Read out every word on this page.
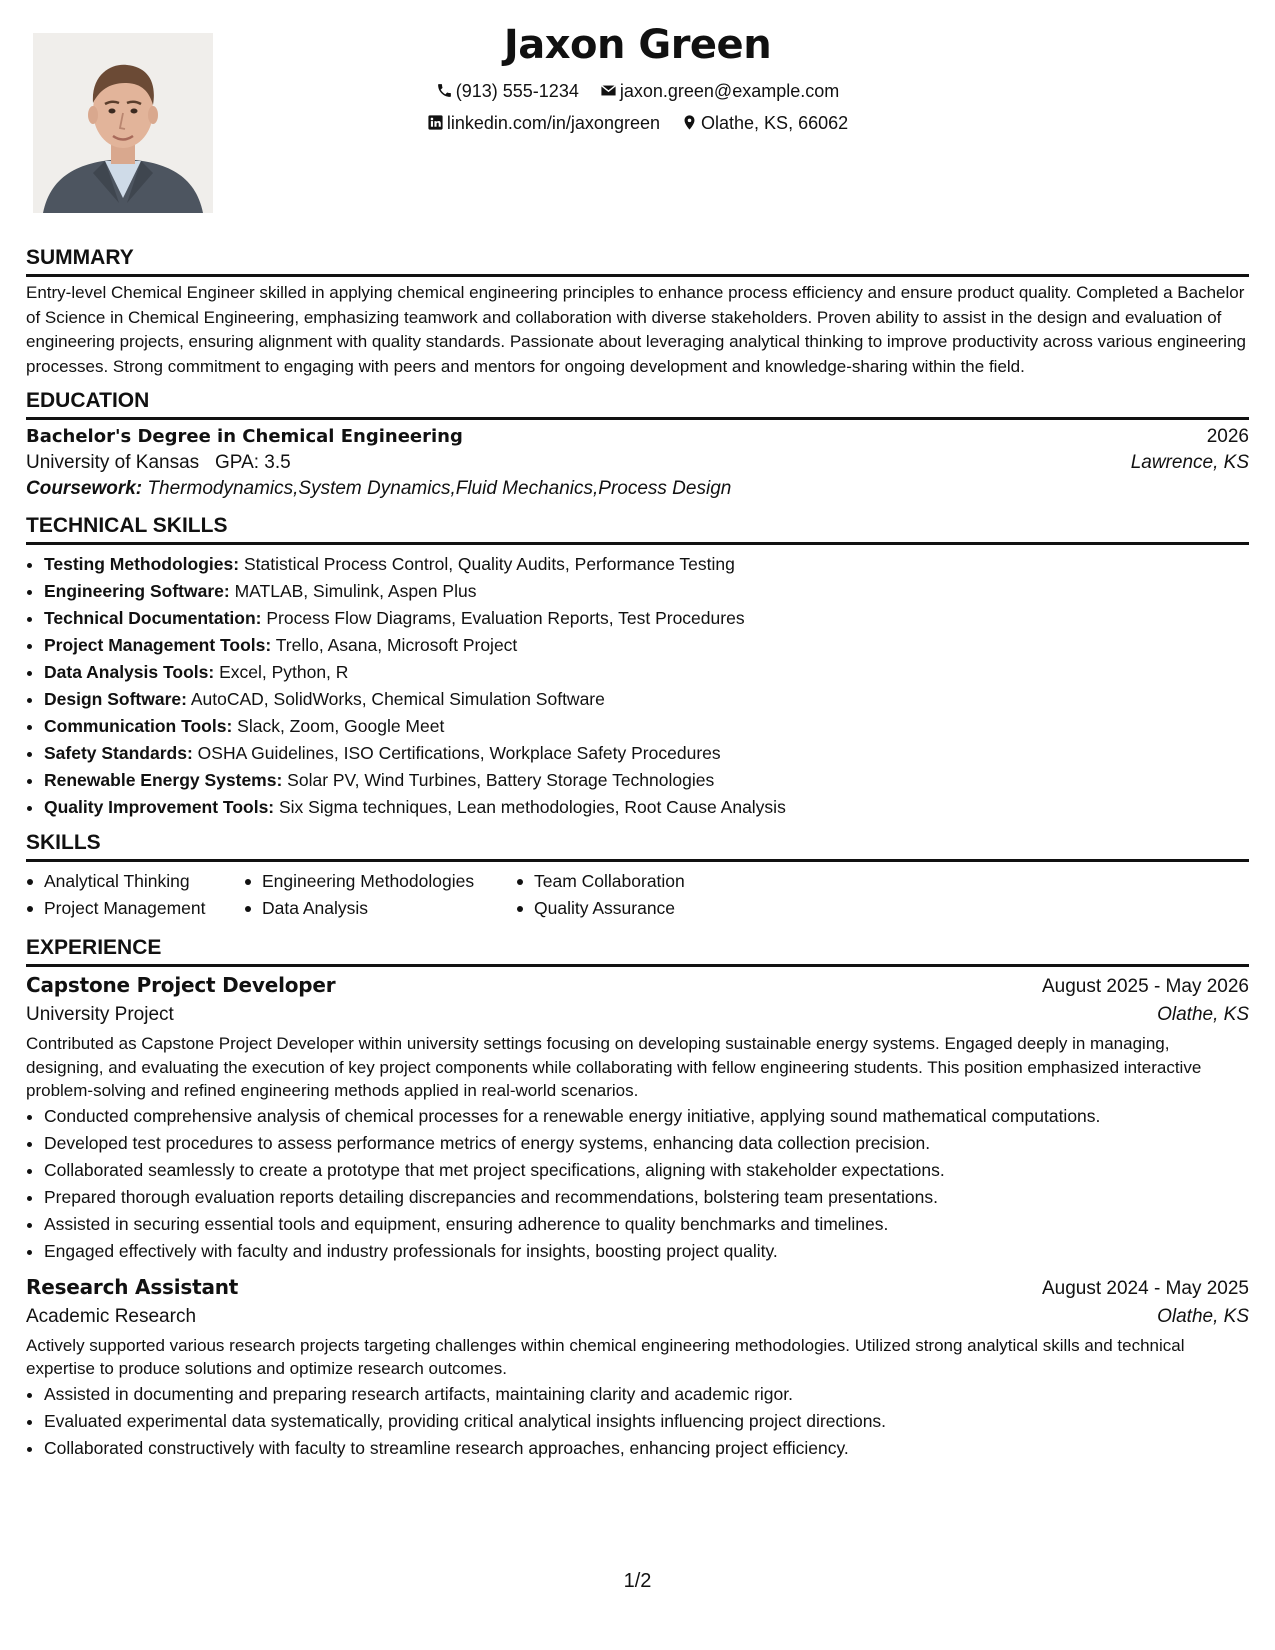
Jaxon Green
(913) 555-1234 jaxon.green@example.com
linkedin.com/in/jaxongreen Olathe, KS, 66062
SUMMARY
Entry-level Chemical Engineer skilled in applying chemical engineering principles to enhance process efficiency and ensure product quality. Completed a Bachelor of Science in Chemical Engineering, emphasizing teamwork and collaboration with diverse stakeholders. Proven ability to assist in the design and evaluation of engineering projects, ensuring alignment with quality standards. Passionate about leveraging analytical thinking to improve productivity across various engineering processes. Strong commitment to engaging with peers and mentors for ongoing development and knowledge-sharing within the field.
EDUCATION
Bachelor's Degree in Chemical Engineering	2026
University of Kansas GPA: 3.5	Lawrence, KS
Coursework: Thermodynamics,System Dynamics,Fluid Mechanics,Process Design
TECHNICAL SKILLS
• Testing Methodologies: Statistical Process Control, Quality Audits, Performance Testing
• Engineering Software: MATLAB, Simulink, Aspen Plus
• Technical Documentation: Process Flow Diagrams, Evaluation Reports, Test Procedures
• Project Management Tools: Trello, Asana, Microsoft Project
• Data Analysis Tools: Excel, Python, R
• Design Software: AutoCAD, SolidWorks, Chemical Simulation Software
• Communication Tools: Slack, Zoom, Google Meet
• Safety Standards: OSHA Guidelines, ISO Certifications, Workplace Safety Procedures
• Renewable Energy Systems: Solar PV, Wind Turbines, Battery Storage Technologies
• Quality Improvement Tools: Six Sigma techniques, Lean methodologies, Root Cause Analysis
SKILLS
Analytical Thinking	Engineering Methodologies	Team Collaboration
Project Management	Data Analysis	Quality Assurance
EXPERIENCE
Capstone Project Developer	August 2025 - May 2026
University Project	Olathe, KS
Contributed as Capstone Project Developer within university settings focusing on developing sustainable energy systems. Engaged deeply in managing, designing, and evaluating the execution of key project components while collaborating with fellow engineering students. This position emphasized interactive problem-solving and refined engineering methods applied in real-world scenarios.
• Conducted comprehensive analysis of chemical processes for a renewable energy initiative, applying sound mathematical computations.
• Developed test procedures to assess performance metrics of energy systems, enhancing data collection precision.
• Collaborated seamlessly to create a prototype that met project specifications, aligning with stakeholder expectations.
• Prepared thorough evaluation reports detailing discrepancies and recommendations, bolstering team presentations.
• Assisted in securing essential tools and equipment, ensuring adherence to quality benchmarks and timelines.
• Engaged effectively with faculty and industry professionals for insights, boosting project quality.
Research Assistant	August 2024 - May 2025
Academic Research	Olathe, KS
Actively supported various research projects targeting challenges within chemical engineering methodologies. Utilized strong analytical skills and technical expertise to produce solutions and optimize research outcomes.
• Assisted in documenting and preparing research artifacts, maintaining clarity and academic rigor.
• Evaluated experimental data systematically, providing critical analytical insights influencing project directions.
• Collaborated constructively with faculty to streamline research approaches, enhancing project efficiency.
1/2
